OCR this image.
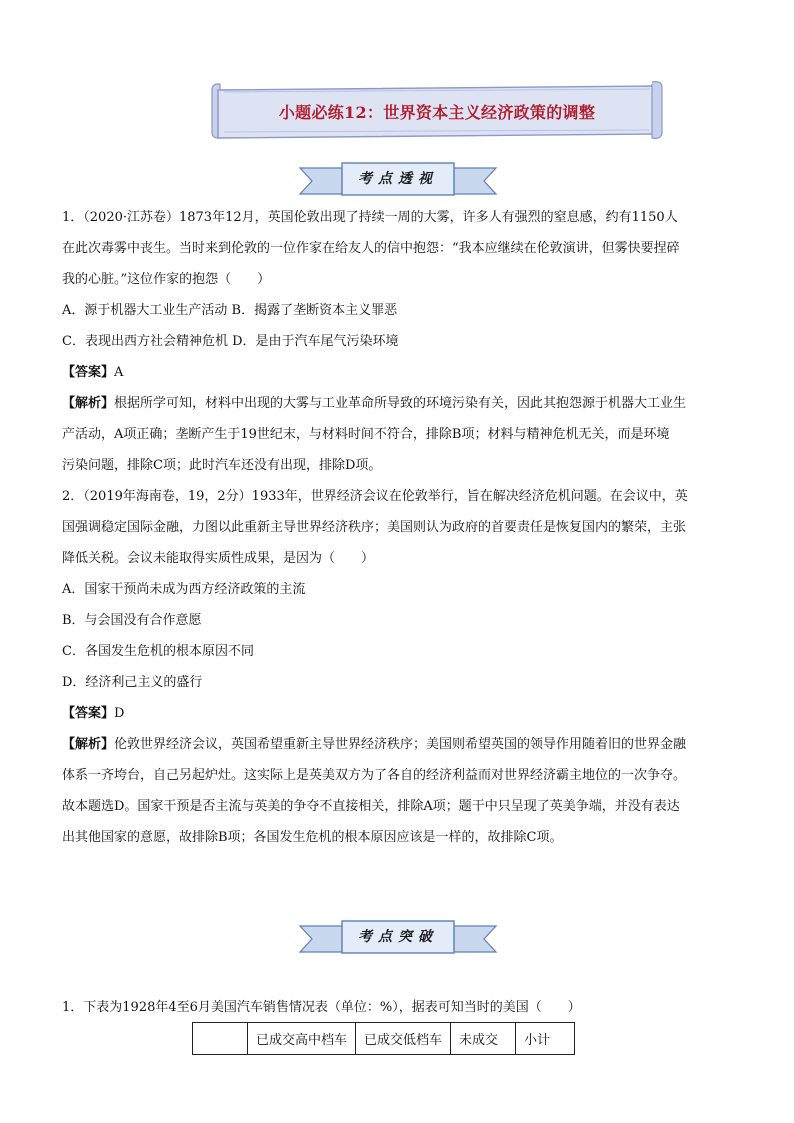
小题必练12：世界资本主义经济政策的调整
考点透视
1．（2020·江苏卷）1873年12月，英国伦敦出现了持续一周的大雾，许多人有强烈的窒息感，约有1150人
在此次毒雾中丧生。当时来到伦敦的一位作家在给友人的信中抱怨：“我本应继续在伦敦演讲，但雾快要捏碎
我的心脏。”这位作家的抱怨（　　）
A．源于机器大工业生产活动 B．揭露了垄断资本主义罪恶
C．表现出西方社会精神危机 D．是由于汽车尾气污染环境
【答案】A
【解析】根据所学可知，材料中出现的大雾与工业革命所导致的环境污染有关，因此其抱怨源于机器大工业生
产活动，A项正确；垄断产生于19世纪末，与材料时间不符合，排除B项；材料与精神危机无关，而是环境
污染问题，排除C项；此时汽车还没有出现，排除D项。
2．（2019年海南卷，19，2分）1933年，世界经济会议在伦敦举行，旨在解决经济危机问题。在会议中，英
国强调稳定国际金融，力图以此重新主导世界经济秩序；美国则认为政府的首要责任是恢复国内的繁荣，主张
降低关税。会议未能取得实质性成果，是因为（　　）
A．国家干预尚未成为西方经济政策的主流
B．与会国没有合作意愿
C．各国发生危机的根本原因不同
D．经济利己主义的盛行
【答案】D
【解析】伦敦世界经济会议，英国希望重新主导世界经济秩序；美国则希望英国的领导作用随着旧的世界金融
体系一齐垮台，自己另起炉灶。这实际上是英美双方为了各自的经济利益而对世界经济霸主地位的一次争夺。
故本题选D。国家干预是否主流与英美的争夺不直接相关，排除A项；题干中只呈现了英美争端，并没有表达
出其他国家的意愿，故排除B项；各国发生危机的根本原因应该是一样的，故排除C项。
考点突破
1．下表为1928年4至6月美国汽车销售情况表（单位：%），据表可知当时的美国（　　）
	已成交高中档车	已成交低档车	未成交	小计
